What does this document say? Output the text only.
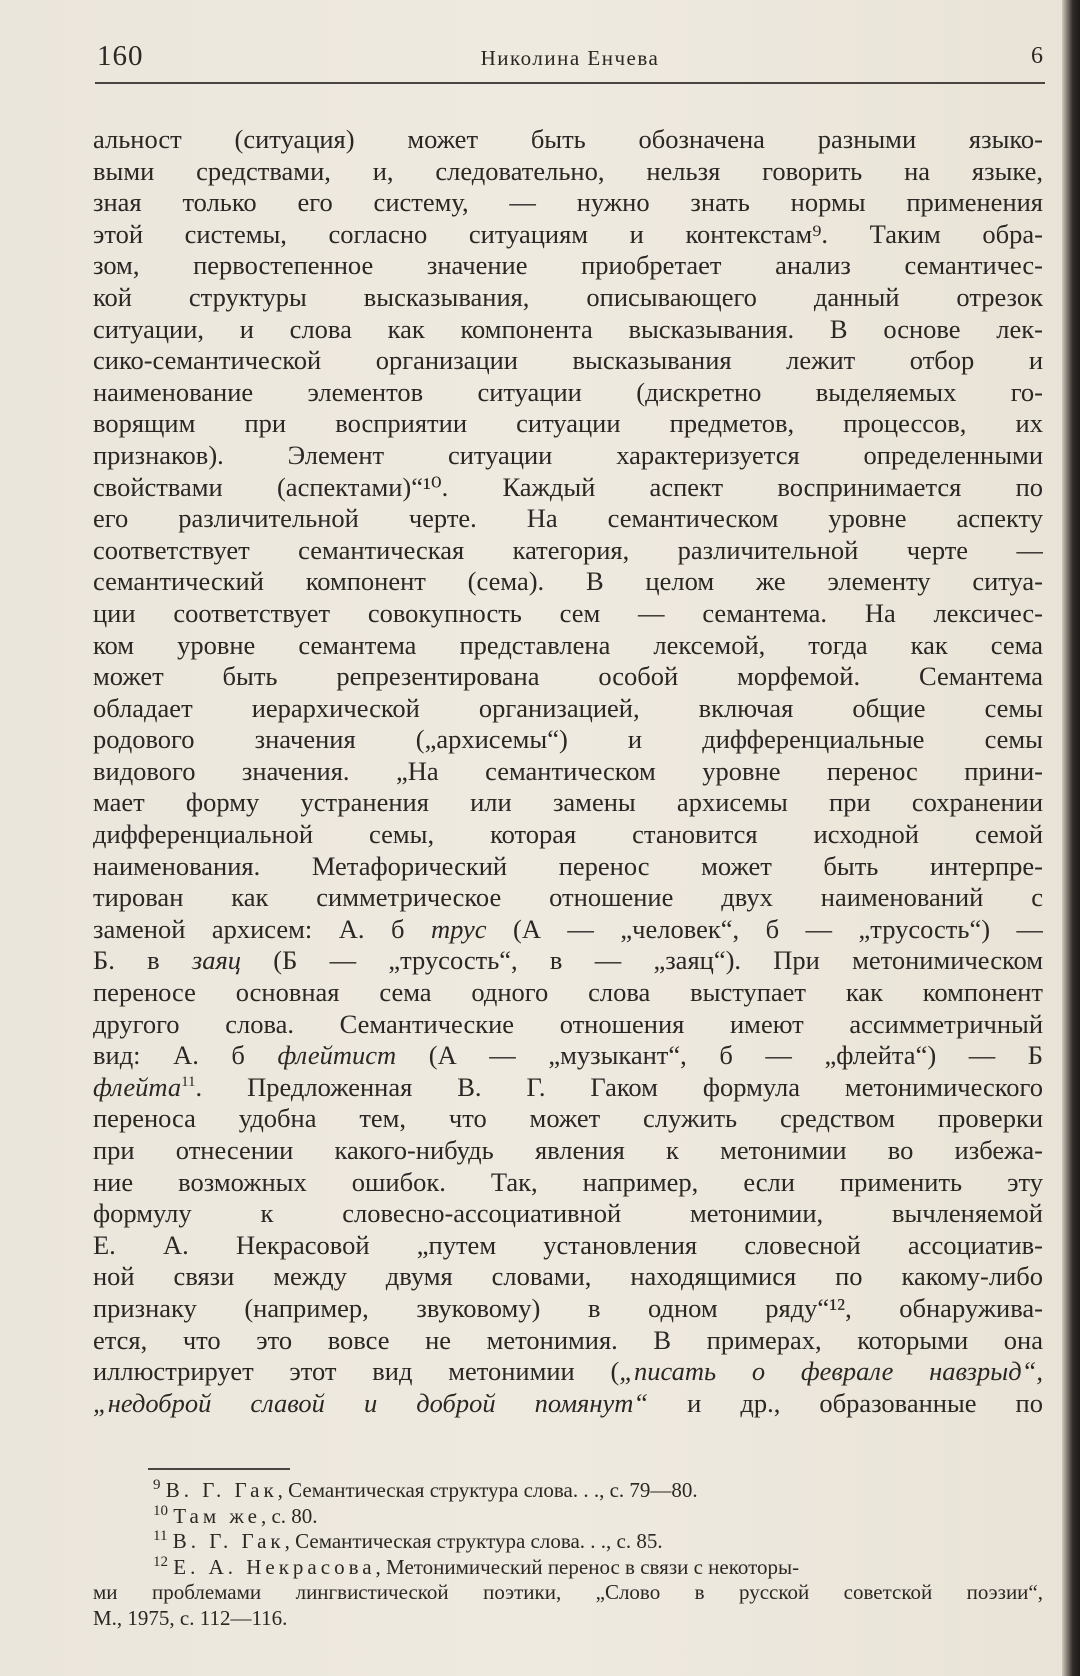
160	Николина Енчева	6
альност (ситуация) может быть обозначена разными языко-
выми средствами, и, следовательно, нельзя говорить на языке,
зная только его систему, — нужно знать нормы применения
этой системы, согласно ситуациям и контекстам⁹. Таким обра-
зом, первостепенное значение приобретает анализ семантичес-
кой структуры высказывания, описывающего данный отрезок
ситуации, и слова как компонента высказывания. В основе лек-
сико-семантической организации высказывания лежит отбор и
наименование элементов ситуации (дискретно выделяемых го-
ворящим при восприятии ситуации предметов, процессов, их
признаков). Элемент ситуации характеризуется определенными
свойствами (аспектами)“¹⁰. Каждый аспект воспринимается по
его различительной черте. На семантическом уровне аспекту
соответствует семантическая категория, различительной черте —
семантический компонент (сема). В целом же элементу ситуа-
ции соответствует совокупность сем — семантема. На лексичес-
ком уровне семантема представлена лексемой, тогда как сема
может быть репрезентирована особой морфемой. Семантема
обладает иерархической организацией, включая общие семы
родового значения („архисемы“) и дифференциальные семы
видового значения. „На семантическом уровне перенос прини-
мает форму устранения или замены архисемы при сохранении
дифференциальной семы, которая становится исходной семой
наименования. Метафорический перенос может быть интерпре-
тирован как симметрическое отношение двух наименований с
заменой архисем: А. б трус (А — „человек“, б — „трусость“) —
Б. в заяц (Б — „трусость“, в — „заяц“). При метонимическом
переносе основная сема одного слова выступает как компонент
другого слова. Семантические отношения имеют ассимметричный
вид: А. б флейтист (А — „музыкант“, б — „флейта“) — Б
флейта$^{11}$. Предложенная В. Г. Гаком формула метонимического
переноса удобна тем, что может служить средством проверки
при отнесении какого-нибудь явления к метонимии во избежа-
ние возможных ошибок. Так, например, если применить эту
формулу к словесно-ассоциативной метонимии, вычленяемой
Е. А. Некрасовой „путем установления словесной ассоциатив-
ной связи между двумя словами, находящимися по какому-либо
признаку (например, звуковому) в одном ряду“¹², обнаружива-
ется, что это вовсе не метонимия. В примерах, которыми она
иллюстрирует этот вид метонимии („писать о феврале навзрыд“,
„недоброй славой и доброй помянут“ и др., образованные по
$^9$ В. Г. Гак, Семантическая структура слова. . ., с. 79—80.
$^{10}$ Там же, с. 80.
$^{11}$ В. Г. Гак, Семантическая структура слова. . ., с. 85.
$^{12}$ Е. А. Некрасова, Метонимический перенос в связи с некоторы-
ми проблемами лингвистической поэтики, „Слово в русской советской поэзии“,
М., 1975, с. 112—116.
